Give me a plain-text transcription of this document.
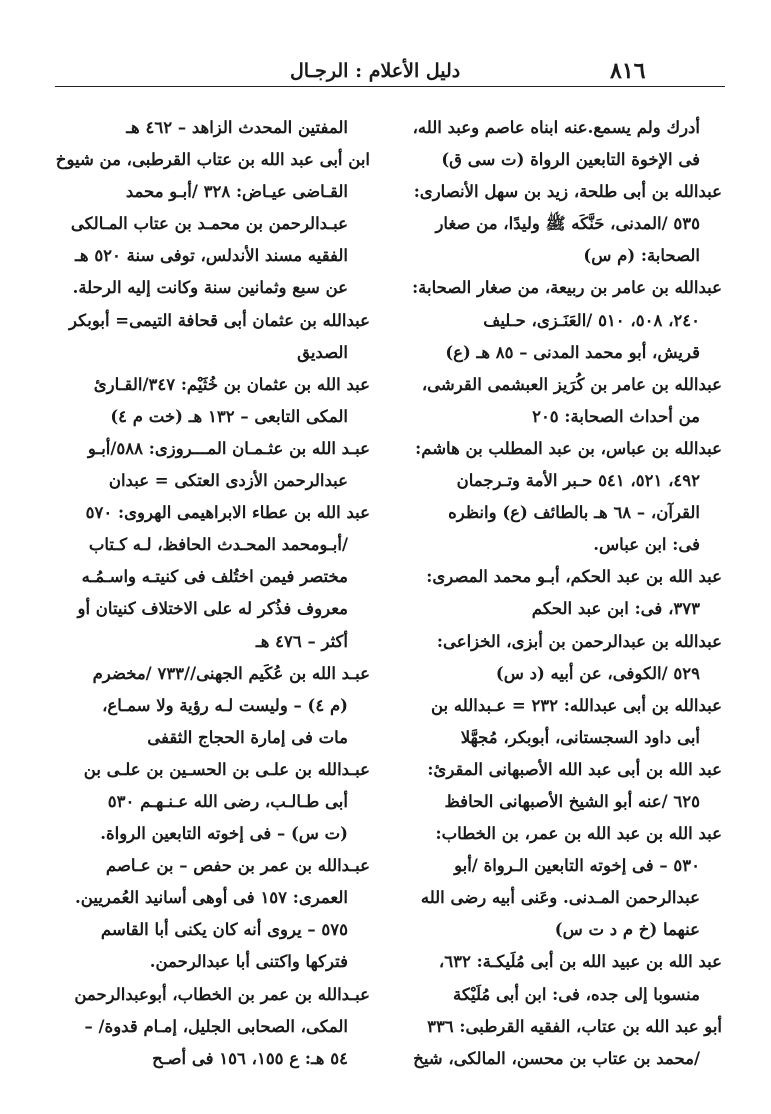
٨١٦
دليل الأعلام : الرجـال
أدرك ولم يسمع.عنه ابناه عاصم وعبد الله،
فى الإخوة التابعين الرواة (ت سى ق)
عبدالله بن أبى طلحة، زيد بن سهل الأنصارى:
٥٣٥ /المدنى، حَنَّكَه ﷺ وليدًا، من صغار
الصحابة: (م س)
عبدالله بن عامر بن ربيعة، من صغار الصحابة:
٢٤٠، ٥٠٨، ٥١٠ /العَنَـزى، حـليف
قريش، أبو محمد المدنى – ٨٥ هـ (ع)
عبدالله بن عامر بن كُرَيز العبشمى القرشى،
من أحداث الصحابة: ٢٠٥
عبدالله بن عباس، بن عبد المطلب بن هاشم:
٤٩٢، ٥٢١، ٥٤١ حـبر الأمة وتـرجمان
القرآن، – ٦٨ هـ بالطائف (ع) وانظره
فى: ابن عباس.
عبد الله بن عبد الحكم، أبـو محمد المصرى:
٣٧٣، فى: ابن عبد الحكم
عبدالله بن عبدالرحمن بن أبزى، الخزاعى:
٥٢٩ /الكوفى، عن أبيه (د س)
عبدالله بن أبى عبدالله: ٢٣٢ = عـبدالله بن
أبى داود السجستانى، أبوبكر، مُجهَّلا
عبد الله بن أبى عبد الله الأصبهانى المقرئ:
٦٢٥ /عنه أبو الشيخ الأصبهانى الحافظ
عبد الله بن عبد الله بن عمر، بن الخطاب:
٥٣٠ – فى إخوته التابعين الـرواة /أبو
عبدالرحمن المـدنى. وعَنى أبيه رضى الله
عنهما (خ م د ت س)
عبد الله بن عبيد الله بن أبى مُلَيكـة: ٦٣٢،
منسوبا إلى جده، فى: ابن أبى مُلَيْكة
أبو عبد الله بن عتاب، الفقيه القرطبى: ٣٣٦
/محمد بن عتاب بن محسن، المالكى، شيخ
المفتين المحدث الزاهد – ٤٦٢ هـ
ابن أبى عبد الله بن عتاب القرطبى، من شيوخ
القـاضى عيـاض: ٣٢٨ /أبـو محمد
عبـدالرحمن بن محمـد بن عتاب المـالكى
الفقيه مسند الأندلس، توفى سنة ٥٢٠ هـ
عن سبع وثمانين سنة وكانت إليه الرحلة.
عبدالله بن عثمان أبى قحافة التيمى= أبوبكر
الصديق
عبد الله بن عثمان بن خُثَيْم: ٣٤٧/القـارئ
المكى التابعى – ١٣٢ هـ (خت م ٤)
عبـد الله بن عثـمـان المـــروزى: ٥٨٨/أبـو
عبدالرحمن الأزدى العتكى = عبدان
عبد الله بن عطاء الابراهيمى الهروى: ٥٧٠
/أبـومحمد المحـدث الحافظ، لـه كـتاب
مختصر فيمن اختُلف فى كنيتـه واسـمُـه
معروف فذُكر له على الاختلاف كنيتان أو
أكثر – ٤٧٦ هـ
عبـد الله بن عُكَيم الجهنى//٧٣٣ /مخضرم
(م ٤) – وليست لـه رؤية ولا سمـاع،
مات فى إمارة الحجاج الثقفى
عبـدالله بن علـى بن الحسـين بن علـى بن
أبى طـالـب، رضى الله عـنـهـم ٥٣٠
(ت س) – فى إخوته التابعين الرواة.
عبـدالله بن عمر بن حفص – بن عـاصم
العمرى: ١٥٧ فى أوهى أسانيد العُمريين.
٥٧٥ – يروى أنه كان يكنى أبا القاسم
فتركها واكتنى أبا عبدالرحمن.
عبـدالله بن عمر بن الخطاب، أبوعبدالرحمن
المكى، الصحابى الجليل، إمـام قدوة/ –
٥٤ هـ: ع ١٥٥، ١٥٦ فى أصـح
